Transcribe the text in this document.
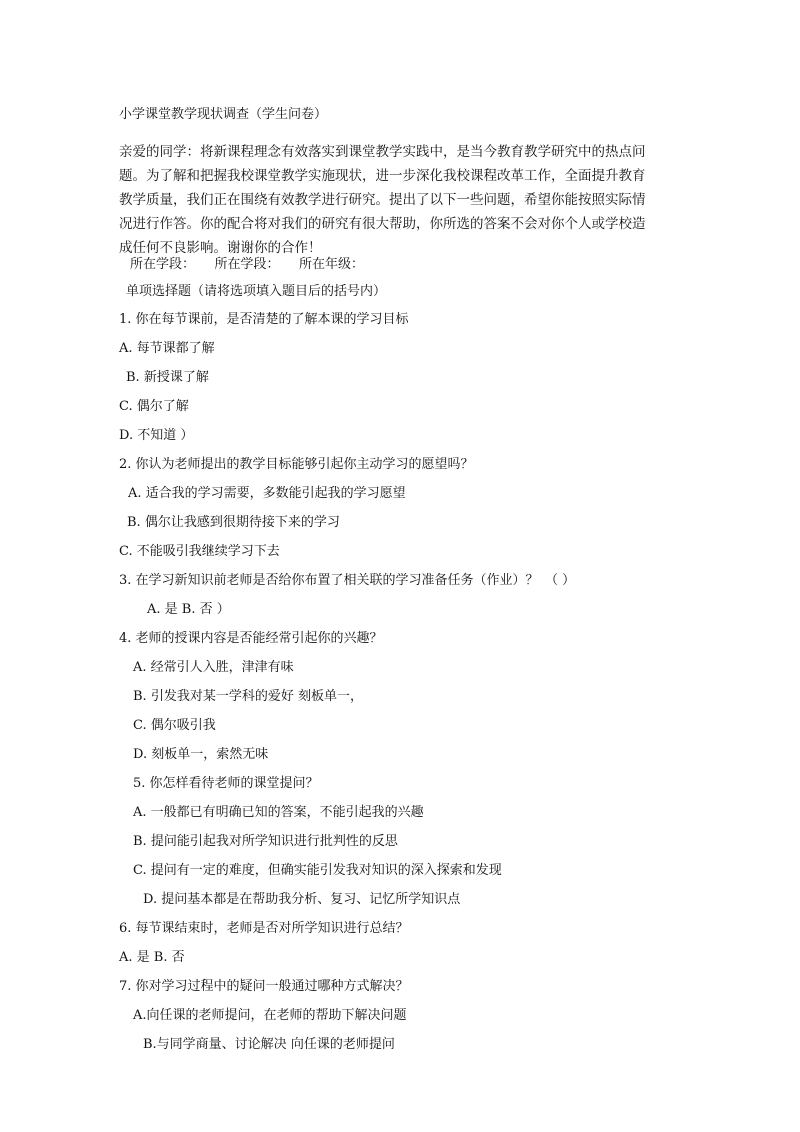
小学课堂教学现状调查（学生问卷）
亲爱的同学：将新课程理念有效落实到课堂教学实践中，是当今教育教学研究中的热点问
题。为了解和把握我校课堂教学实施现状，进一步深化我校课程改革工作，全面提升教育
教学质量，我们正在围绕有效教学进行研究。提出了以下一些问题，希望你能按照实际情
况进行作答。你的配合将对我们的研究有很大帮助，你所选的答案不会对你个人或学校造
成任何不良影响。谢谢你的合作！
所在学段：　　所在学段：　　所在年级：
单项选择题（请将选项填入题目后的括号内）
1. 你在每节课前，是否清楚的了解本课的学习目标
A. 每节课都了解
B. 新授课了解
C. 偶尔了解
D. 不知道 ）
2. 你认为老师提出的教学目标能够引起你主动学习的愿望吗？
A. 适合我的学习需要，多数能引起我的学习愿望
B. 偶尔让我感到很期待接下来的学习
C. 不能吸引我继续学习下去
3. 在学习新知识前老师是否给你布置了相关联的学习准备任务（作业）？　（ ）
A. 是 B. 否 ）
4. 老师的授课内容是否能经常引起你的兴趣？
A. 经常引人入胜，津津有味
B. 引发我对某一学科的爱好 刻板单一，
C. 偶尔吸引我
D. 刻板单一，索然无味
5. 你怎样看待老师的课堂提问？
A. 一般都已有明确已知的答案，不能引起我的兴趣
B. 提问能引起我对所学知识进行批判性的反思
C. 提问有一定的难度，但确实能引发我对知识的深入探索和发现
D. 提问基本都是在帮助我分析、复习、记忆所学知识点
6. 每节课结束时，老师是否对所学知识进行总结？
A. 是 B. 否
7. 你对学习过程中的疑问一般通过哪种方式解决？
A.向任课的老师提问，在老师的帮助下解决问题
B.与同学商量、讨论解决 向任课的老师提问
